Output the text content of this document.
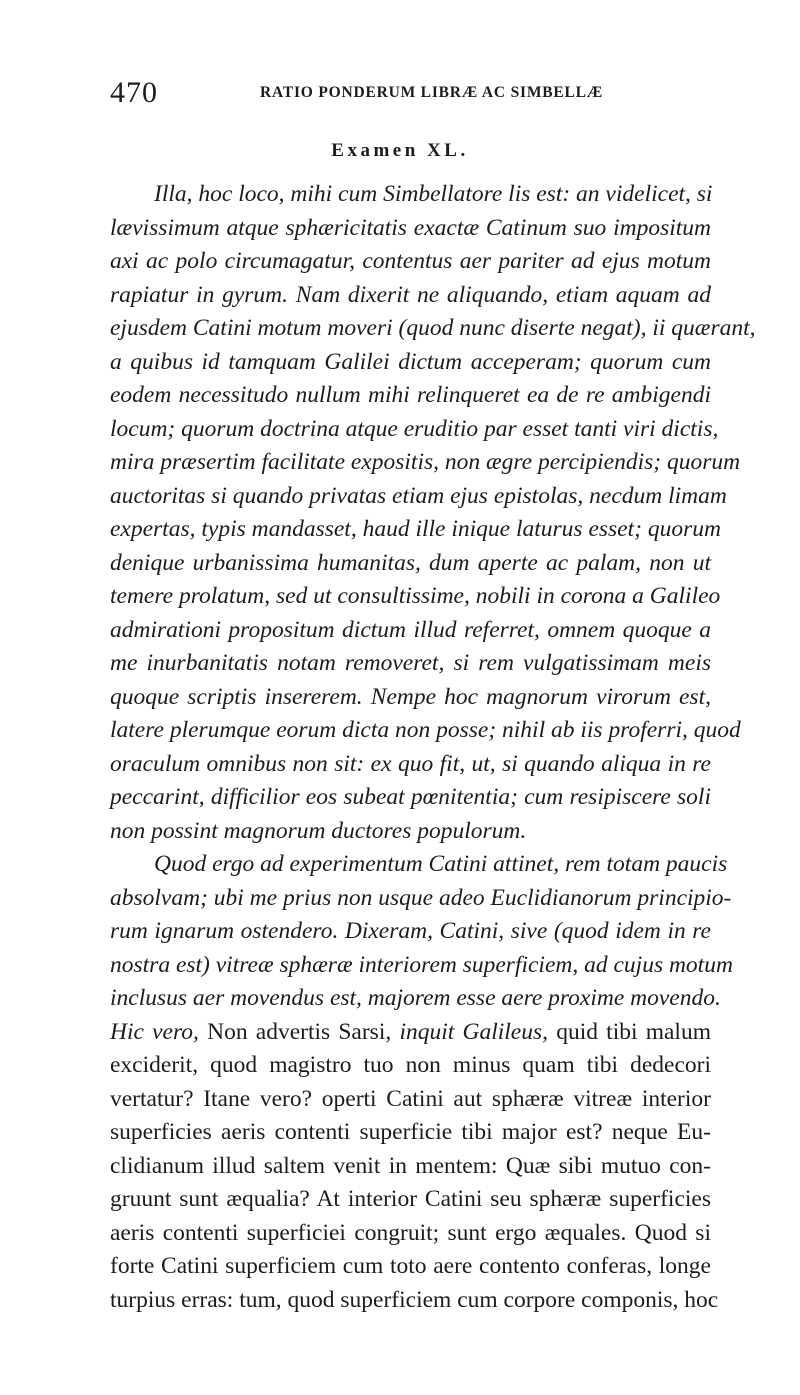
470	RATIO PONDERUM LIBRÆ AC SIMBELLÆ
Examen XL.

Illa, hoc loco, mihi cum Simbellatore lis est: an videlicet, si
lævissimum atque sphæricitatis exactæ Catinum suo impositum
axi ac polo circumagatur, contentus aer pariter ad ejus motum
rapiatur in gyrum. Nam dixerit ne aliquando, etiam aquam ad
ejusdem Catini motum moveri (quod nunc diserte negat), ii quærant,
a quibus id tamquam Galilei dictum acceperam; quorum cum
eodem necessitudo nullum mihi relinqueret ea de re ambigendi
locum; quorum doctrina atque eruditio par esset tanti viri dictis,
mira præsertim facilitate expositis, non ægre percipiendis; quorum
auctoritas si quando privatas etiam ejus epistolas, necdum limam
expertas, typis mandasset, haud ille inique laturus esset; quorum
denique urbanissima humanitas, dum aperte ac palam, non ut
temere prolatum, sed ut consultissime, nobili in corona a Galileo
admirationi propositum dictum illud referret, omnem quoque a
me inurbanitatis notam removeret, si rem vulgatissimam meis
quoque scriptis insererem. Nempe hoc magnorum virorum est,
latere plerumque eorum dicta non posse; nihil ab iis proferri, quod
oraculum omnibus non sit: ex quo fit, ut, si quando aliqua in re
peccarint, difficilior eos subeat pœnitentia; cum resipiscere soli
non possint magnorum ductores populorum.

Quod ergo ad experimentum Catini attinet, rem totam paucis
absolvam; ubi me prius non usque adeo Euclidianorum principio-
rum ignarum ostendero. Dixeram, Catini, sive (quod idem in re
nostra est) vitreæ sphæræ interiorem superficiem, ad cujus motum
inclusus aer movendus est, majorem esse aere proxime movendo.
Hic vero, Non advertis Sarsi, inquit Galileus, quid tibi malum
exciderit, quod magistro tuo non minus quam tibi dedecori
vertatur? Itane vero? operti Catini aut sphæræ vitreæ interior
superficies aeris contenti superficie tibi major est? neque Eu-
clidianum illud saltem venit in mentem: Quæ sibi mutuo con-
gruunt sunt æqualia? At interior Catini seu sphæræ superficies
aeris contenti superficiei congruit; sunt ergo æquales. Quod si
forte Catini superficiem cum toto aere contento conferas, longe
turpius erras: tum, quod superficiem cum corpore componis, hoc
